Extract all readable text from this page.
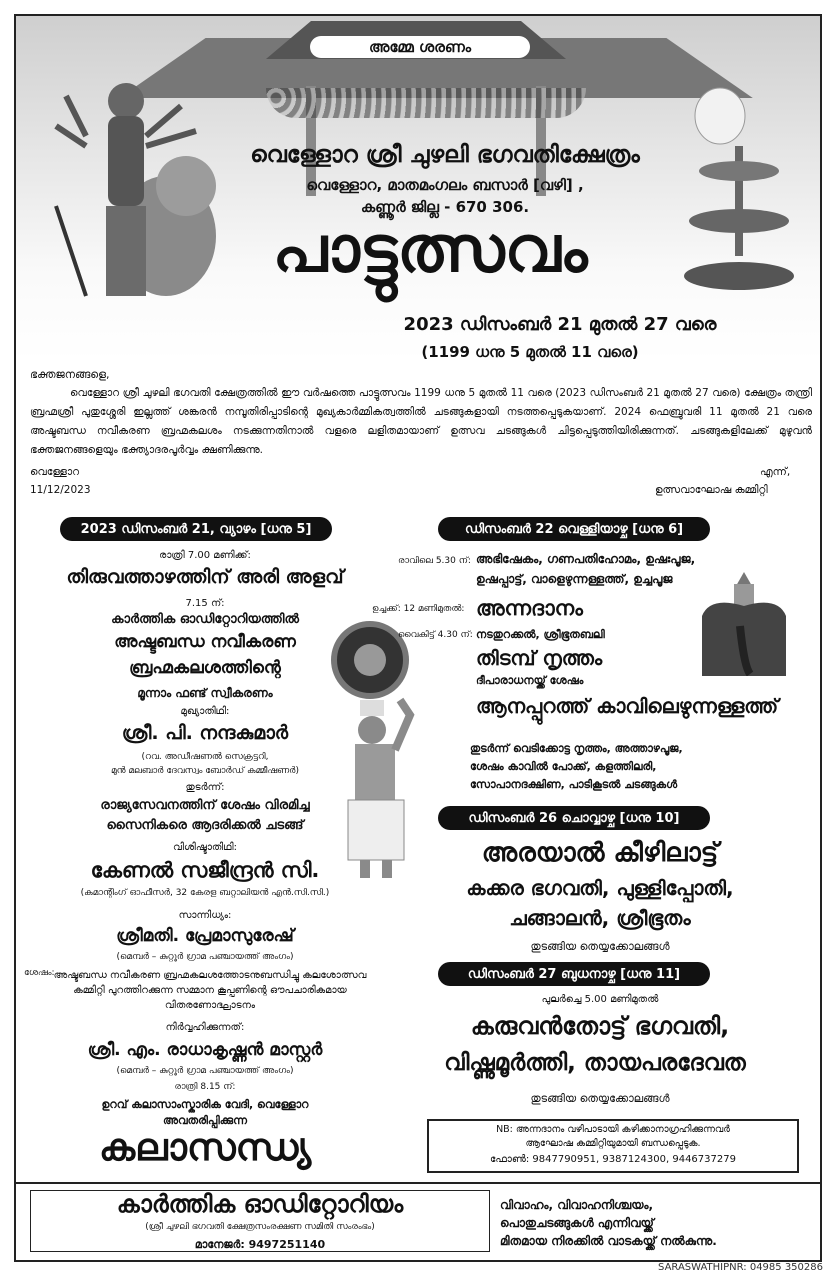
അമ്മേ ശരണം
വെള്ളോറ ശ്രീ ചുഴലി ഭഗവതിക്ഷേത്രം
വെള്ളോറ, മാതമംഗലം ബസാർ [വഴി] ,
കണ്ണൂർ ജില്ല - 670 306.
പാട്ടുത്സവം
2023 ഡിസംബർ 21 മുതൽ 27 വരെ
(1199 ധനു 5 മുതൽ 11 വരെ)
ഭക്തജനങ്ങളെ,
വെള്ളോറ ശ്രീ ചുഴലി ഭഗവതി ക്ഷേത്രത്തിൽ ഈ വർഷത്തെ പാട്ടുത്സവം 1199 ധനു 5 മുതൽ 11 വരെ (2023 ഡിസംബർ 21 മുതൽ 27 വരെ) ക്ഷേത്രം തന്ത്രി ബ്രഹ്മശ്രീ പുതുശ്ശേരി ഇല്ലത്ത് ശങ്കരൻ നമ്പൂതിരിപ്പാടിന്റെ മുഖ്യകാർമ്മികത്വത്തിൽ ചടങ്ങുകളായി നടത്തപ്പെടുകയാണ്. 2024 ഫെബ്രുവരി 11 മുതൽ 21 വരെ അഷ്ടബന്ധ നവീകരണ ബ്രഹ്മകലശം നടക്കുന്നതിനാൽ വളരെ ലളിതമായാണ് ഉത്സവ ചടങ്ങുകൾ ചിട്ടപ്പെടുത്തിയിരിക്കുന്നത്. ചടങ്ങുകളിലേക്ക് മുഴുവൻ ഭക്തജനങ്ങളെയും ഭക്ത്യാദരപൂർവ്വം ക്ഷണിക്കുന്നു.
വെള്ളോറ
11/12/2023
എന്ന്,
ഉത്സവാഘോഷ കമ്മിറ്റി
2023 ഡിസംബർ 21, വ്യാഴം [ധനു 5]
രാത്രി 7.00 മണിക്ക്:
തിരുവത്താഴത്തിന് അരി അളവ്
7.15 ന്:
കാർത്തിക ഓഡിറ്റോറിയത്തിൽ
അഷ്ടബന്ധ നവീകരണ
ബ്രഹ്മകലശത്തിന്റെ
മൂന്നാം ഫണ്ട് സ്വീകരണം
മുഖ്യാതിഥി:
ശ്രീ. പി. നന്ദകുമാർ
(റവ. അഡീഷണൽ സെക്രട്ടറി,
മുൻ മലബാർ ദേവസ്വം ബോർഡ് കമ്മീഷണർ)
തുടർന്ന്:
രാജ്യസേവനത്തിന് ശേഷം വിരമിച്ച
സൈനികരെ ആദരിക്കൽ ചടങ്ങ്
വിശിഷ്ടാതിഥി:
കേണൽ സജീന്ദ്രൻ സി.
(കമാന്റിംഗ് ഓഫീസർ, 32 കേരള ബറ്റാലിയൻ എൻ.സി.സി.)
സാന്നിധ്യം:
ശ്രീമതി. പ്രേമാസുരേഷ്
(മെമ്പർ – കുറ്റൂർ ഗ്രാമ പഞ്ചായത്ത് അംഗം)
ശേഷം: അഷ്ടബന്ധ നവീകരണ ബ്രഹ്മകലശത്തോടനുബന്ധിച്ചു കലശോത്സവ കമ്മിറ്റി പുറത്തിറക്കുന്ന സമ്മാന കൂപ്പണിന്റെ ഔപചാരികമായ വിതരണോദ്ഘാടനം
നിർവ്വഹിക്കുന്നത്:
ശ്രീ. എം. രാധാകൃഷ്ണൻ മാസ്റ്റർ
(മെമ്പർ – കുറ്റൂർ ഗ്രാമ പഞ്ചായത്ത് അംഗം)
രാത്രി 8.15 ന്:
ഉറവ് കലാസാംസ്കാരിക വേദി, വെള്ളോറ
അവതരിപ്പിക്കുന്ന
കലാസന്ധ്യ
ഡിസംബർ 22 വെള്ളിയാഴ്ച [ധനു 6]
രാവിലെ 5.30 ന്: അഭിഷേകം, ഗണപതിഹോമം, ഉഷഃപൂജ,
ഉഷപ്പാട്ട്, വാളെഴുന്നള്ളത്ത്, ഉച്ചപൂജ
ഉച്ചക്ക്: 12 മണിമുതൽ: അന്നദാനം
വൈകിട്ട് 4.30 ന്: നടതുറക്കൽ, ശ്രീഭൂതബലി
തിടമ്പ് നൃത്തം
ദീപാരാധനയ്ക്ക് ശേഷം
ആനപ്പുറത്ത് കാവിലെഴുന്നള്ളത്ത്
തുടർന്ന് വെടിക്കോട്ട നൃത്തം, അത്താഴപൂജ,
ശേഷം കാവിൽ പോക്ക്, കളത്തിലരി,
സോപാനദക്ഷിണ, പാടികൂടൽ ചടങ്ങുകൾ
ഡിസംബർ 26 ചൊവ്വാഴ്ച [ധനു 10]
അരയാൽ കീഴിലാട്ട്
കക്കര ഭഗവതി, പുള്ളിപ്പോതി,
ചങ്ങാലൻ, ശ്രീഭൂതം
തുടങ്ങിയ തെയ്യക്കോലങ്ങൾ
ഡിസംബർ 27 ബുധനാഴ്ച [ധനു 11]
പുലർച്ചെ 5.00 മണിമുതൽ
കരുവൻതോട്ട് ഭഗവതി,
വിഷ്ണുമൂർത്തി, തായപരദേവത
തുടങ്ങിയ തെയ്യക്കോലങ്ങൾ
NB: അന്നദാനം വഴിപാടായി കഴിക്കാനാഗ്രഹിക്കുന്നവർ
ആഘോഷ കമ്മിറ്റിയുമായി ബന്ധപ്പെടുക.
ഫോൺ: 9847790951, 9387124300, 9446737279
കാർത്തിക ഓഡിറ്റോറിയം
(ശ്രീ ചുഴലി ഭഗവതി ക്ഷേത്രസംരക്ഷണ സമിതി സംരംഭം)
മാനേജർ: 9497251140
വിവാഹം, വിവാഹനിശ്ചയം,
പൊതുചടങ്ങുകൾ എന്നിവയ്ക്ക്
മിതമായ നിരക്കിൽ വാടകയ്ക്ക് നൽകുന്നു.
SARASWATHIPNR: 04985 350286
